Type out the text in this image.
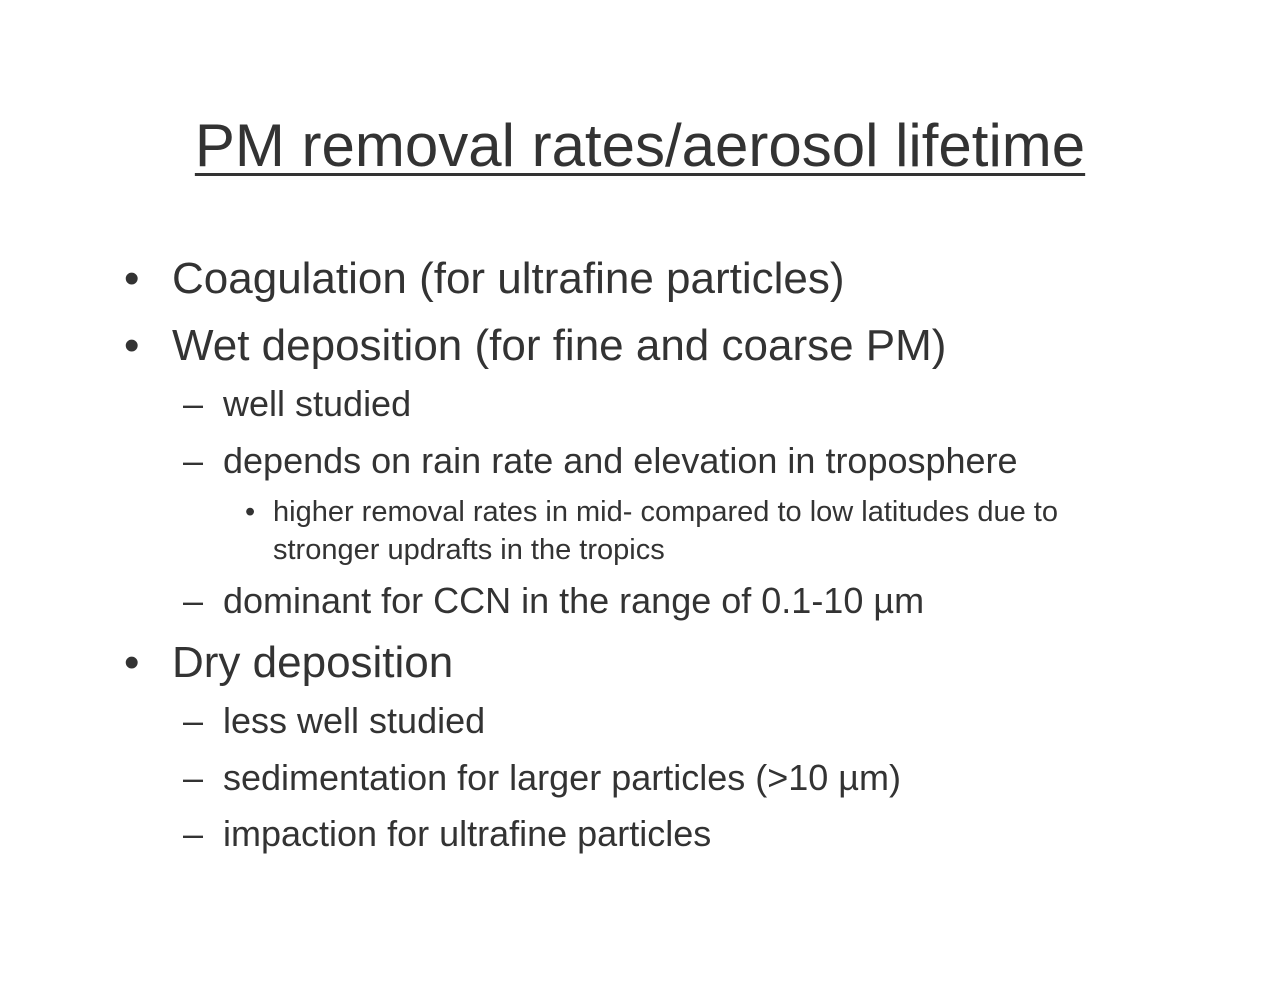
PM removal rates/aerosol lifetime
• Coagulation (for ultrafine particles)
• Wet deposition (for fine and coarse PM)
– well studied
– depends on rain rate and elevation in troposphere
• higher removal rates in mid- compared to low latitudes due to
stronger updrafts in the tropics
– dominant for CCN in the range of 0.1-10 µm
• Dry deposition
– less well studied
– sedimentation for larger particles (>10 µm)
– impaction for ultrafine particles
